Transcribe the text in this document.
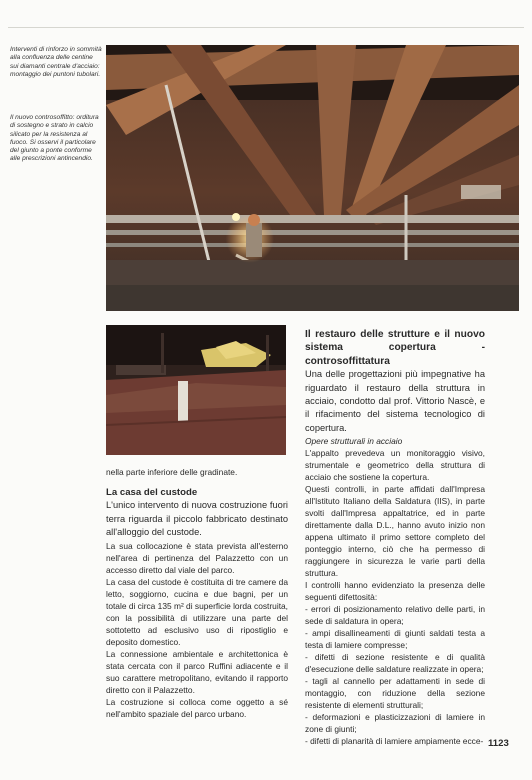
Interventi di rinforzo in sommità alla confluenza delle centine sui diamanti centrale d'acciaio: montaggio dei puntoni tubolari.

Il nuovo controsoffitto: orditura di sostegno e strato in calcio silicato per la resistenza al fuoco. Si osservi il particolare del giunto a ponte conforme alle prescrizioni antincendio.

nella parte inferiore delle gradinate.

La casa del custode

L'unico intervento di nuova costruzione fuori terra riguarda il piccolo fabbricato destinato all'alloggio del custode.

La sua collocazione è stata prevista all'esterno nell'area di pertinenza del Palazzetto con un accesso diretto dal viale del parco.

La casa del custode è costituita di tre camere da letto, soggiorno, cucina e due bagni, per un totale di circa 135 m² di superficie lorda costruita, con la possibilità di utilizzare una parte del sottotetto ad esclusivo uso di ripostiglio e deposito domestico.

La connessione ambientale e architettonica è stata cercata con il parco Ruffini adiacente e il suo carattere metropolitano, evitando il rapporto diretto con il Palazzetto.

La costruzione si colloca come oggetto a sé nell'ambito spaziale del parco urbano.

Il restauro delle strutture e il nuovo sistema copertura - controsoffittatura

Una delle progettazioni più impegnative ha riguardato il restauro della struttura in acciaio, condotto dal prof. Vittorio Nascè, e il rifacimento del sistema tecnologico di copertura.

Opere strutturali in acciaio

L'appalto prevedeva un monitoraggio visivo, strumentale e geometrico della struttura di acciaio che sostiene la copertura.

Questi controlli, in parte affidati dall'Impresa all'Istituto Italiano della Saldatura (IIS), in parte svolti dall'Impresa appaltatrice, ed in parte direttamente dalla D.L., hanno avuto inizio non appena ultimato il primo settore completo del ponteggio interno, ciò che ha permesso di raggiungere in sicurezza le varie parti della struttura.

I controlli hanno evidenziato la presenza delle seguenti difettosità:

- errori di posizionamento relativo delle parti, in sede di saldatura in opera;

- ampi disallineamenti di giunti saldati testa a testa di lamiere compresse;

- difetti di sezione resistente e di qualità d'esecuzione delle saldature realizzate in opera;

- tagli al cannello per adattamenti in sede di montaggio, con riduzione della sezione resistente di elementi strutturali;

- deformazioni e plasticizzazioni di lamiere in zone di giunti;

- difetti di planarità di lamiere ampiamente ecce- 1123
